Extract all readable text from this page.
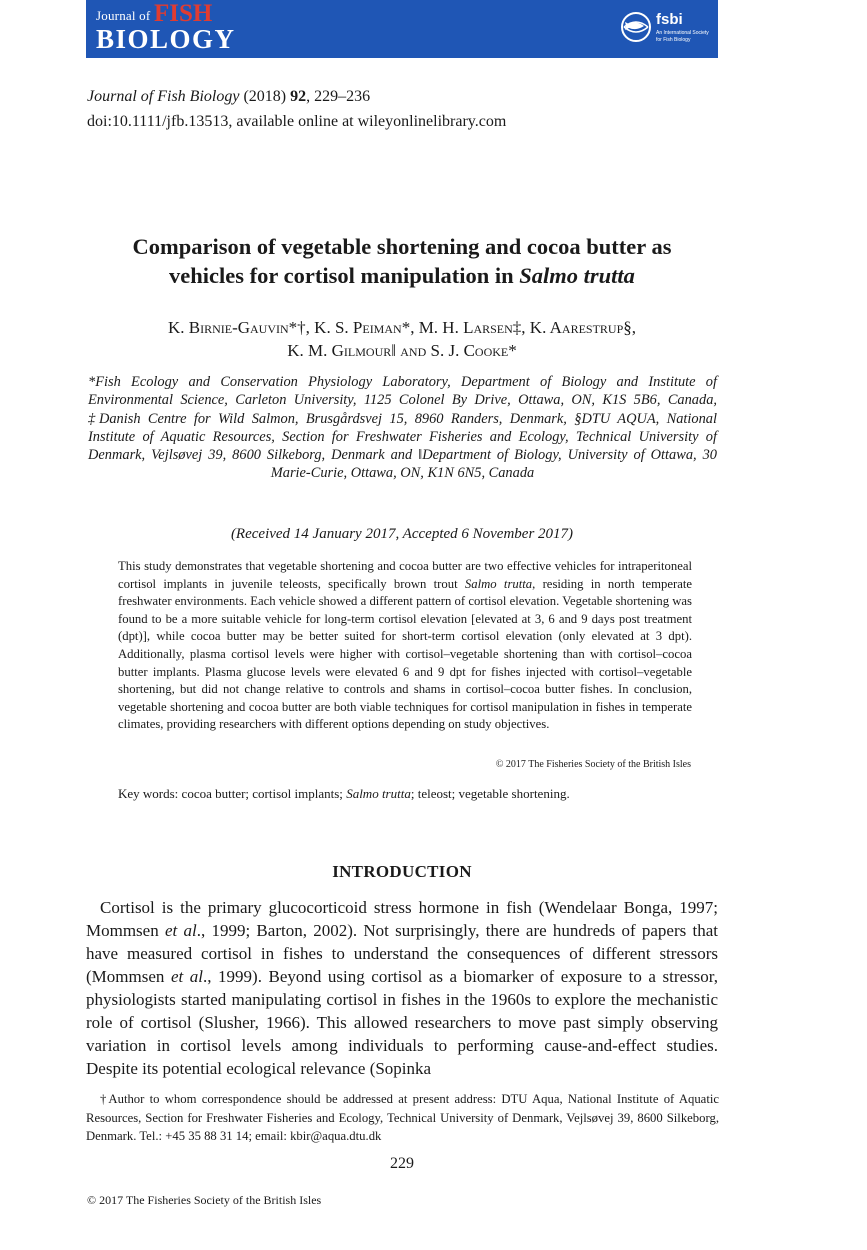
Journal of FISH
BIOLOGY
fsbi
An International Society
for Fish Biology
Journal of Fish Biology (2018) 92, 229–236
doi:10.1111/jfb.13513, available online at wileyonlinelibrary.com
Comparison of vegetable shortening and cocoa butter as
vehicles for cortisol manipulation in Salmo trutta
K. Birnie-Gauvin*†, K. S. Peiman*, M. H. Larsen‡, K. Aarestrup§,
K. M. Gilmour‖ and S. J. Cooke*
*Fish Ecology and Conservation Physiology Laboratory, Department of Biology and Institute of Environmental Science, Carleton University, 1125 Colonel By Drive, Ottawa, ON, K1S 5B6, Canada, ‡Danish Centre for Wild Salmon, Brusgårdsvej 15, 8960 Randers, Denmark, §DTU AQUA, National Institute of Aquatic Resources, Section for Freshwater Fisheries and Ecology, Technical University of Denmark, Vejlsøvej 39, 8600 Silkeborg, Denmark and ‖Department of Biology, University of Ottawa, 30 Marie-Curie, Ottawa, ON, K1N 6N5, Canada
(Received 14 January 2017, Accepted 6 November 2017)
This study demonstrates that vegetable shortening and cocoa butter are two effective vehicles for intraperitoneal cortisol implants in juvenile teleosts, specifically brown trout Salmo trutta, residing in north temperate freshwater environments. Each vehicle showed a different pattern of cortisol elevation. Vegetable shortening was found to be a more suitable vehicle for long-term cortisol elevation [elevated at 3, 6 and 9 days post treatment (dpt)], while cocoa butter may be better suited for short-term cortisol elevation (only elevated at 3 dpt). Additionally, plasma cortisol levels were higher with cortisol–vegetable shortening than with cortisol–cocoa butter implants. Plasma glucose levels were elevated 6 and 9 dpt for fishes injected with cortisol–vegetable shortening, but did not change relative to controls and shams in cortisol–cocoa butter fishes. In conclusion, vegetable shortening and cocoa butter are both viable techniques for cortisol manipulation in fishes in temperate climates, providing researchers with different options depending on study objectives.
© 2017 The Fisheries Society of the British Isles
Key words: cocoa butter; cortisol implants; Salmo trutta; teleost; vegetable shortening.
INTRODUCTION
Cortisol is the primary glucocorticoid stress hormone in fish (Wendelaar Bonga, 1997; Mommsen et al., 1999; Barton, 2002). Not surprisingly, there are hundreds of papers that have measured cortisol in fishes to understand the consequences of different stressors (Mommsen et al., 1999). Beyond using cortisol as a biomarker of exposure to a stressor, physiologists started manipulating cortisol in fishes in the 1960s to explore the mechanistic role of cortisol (Slusher, 1966). This allowed researchers to move past simply observing variation in cortisol levels among individuals to performing cause-and-effect studies. Despite its potential ecological relevance (Sopinka
†Author to whom correspondence should be addressed at present address: DTU Aqua, National Institute of Aquatic Resources, Section for Freshwater Fisheries and Ecology, Technical University of Denmark, Vejlsøvej 39, 8600 Silkeborg, Denmark. Tel.: +45 35 88 31 14; email: kbir@aqua.dtu.dk
229
© 2017 The Fisheries Society of the British Isles
